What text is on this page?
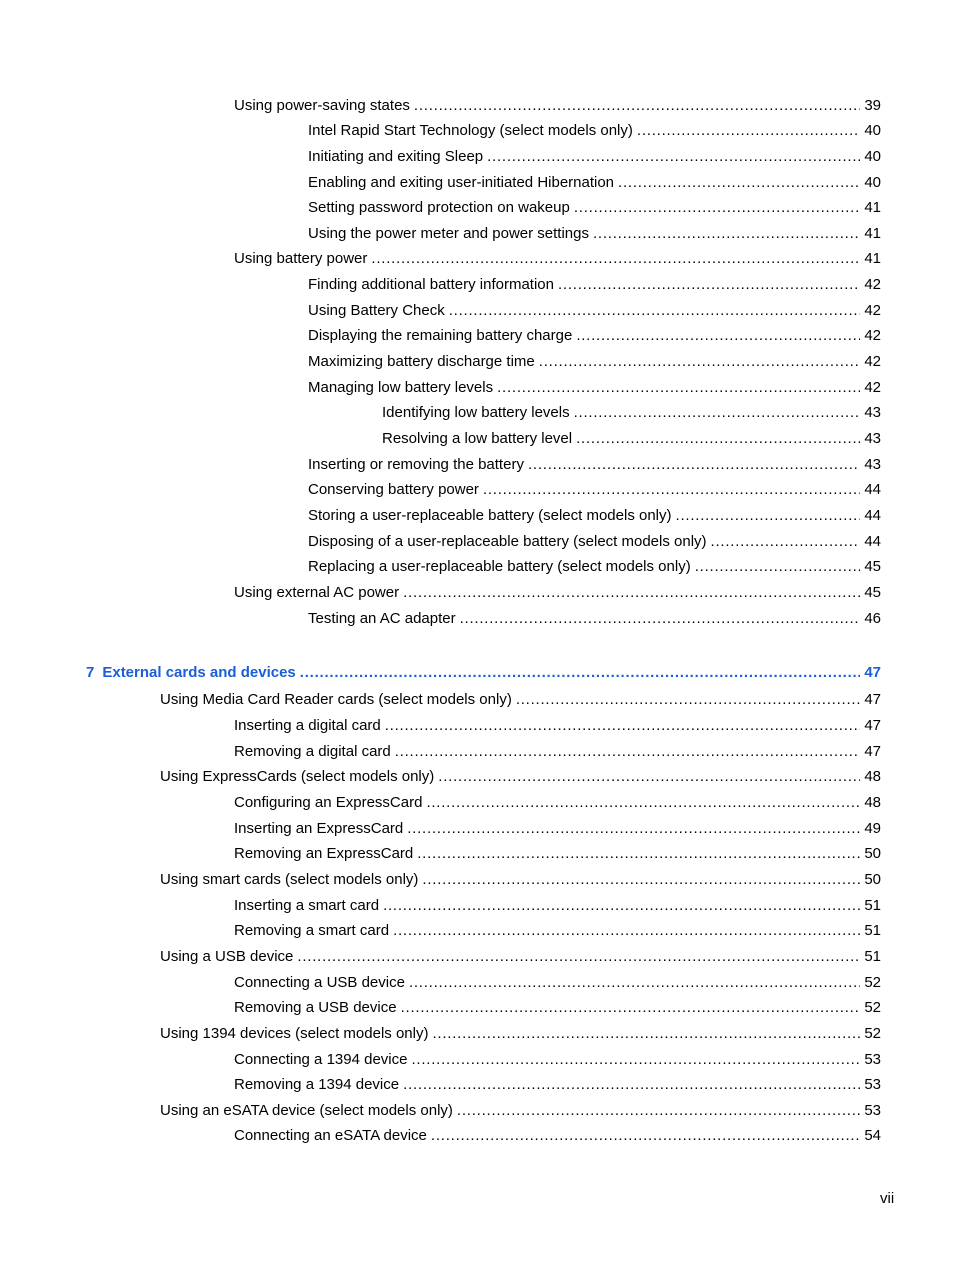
Using power-saving states . . .	39
Intel Rapid Start Technology (select models only) . . .	40
Initiating and exiting Sleep . . .	40
Enabling and exiting user-initiated Hibernation . . .	40
Setting password protection on wakeup . . .	41
Using the power meter and power settings . . .	41
Using battery power . . .	41
Finding additional battery information . . .	42
Using Battery Check . . .	42
Displaying the remaining battery charge . . .	42
Maximizing battery discharge time . . .	42
Managing low battery levels . . .	42
Identifying low battery levels . . .	43
Resolving a low battery level . . .	43
Inserting or removing the battery . . .	43
Conserving battery power . . .	44
Storing a user-replaceable battery (select models only) . . .	44
Disposing of a user-replaceable battery (select models only) . . .	44
Replacing a user-replaceable battery (select models only) . . .	45
Using external AC power . . .	45
Testing an AC adapter . . .	46
7 External cards and devices . . .	47
Using Media Card Reader cards (select models only) . . .	47
Inserting a digital card . . .	47
Removing a digital card . . .	47
Using ExpressCards (select models only) . . .	48
Configuring an ExpressCard . . .	48
Inserting an ExpressCard . . .	49
Removing an ExpressCard . . .	50
Using smart cards (select models only) . . .	50
Inserting a smart card . . .	51
Removing a smart card . . .	51
Using a USB device . . .	51
Connecting a USB device . . .	52
Removing a USB device . . .	52
Using 1394 devices (select models only) . . .	52
Connecting a 1394 device . . .	53
Removing a 1394 device . . .	53
Using an eSATA device (select models only) . . .	53
Connecting an eSATA device . . .	54
vii
